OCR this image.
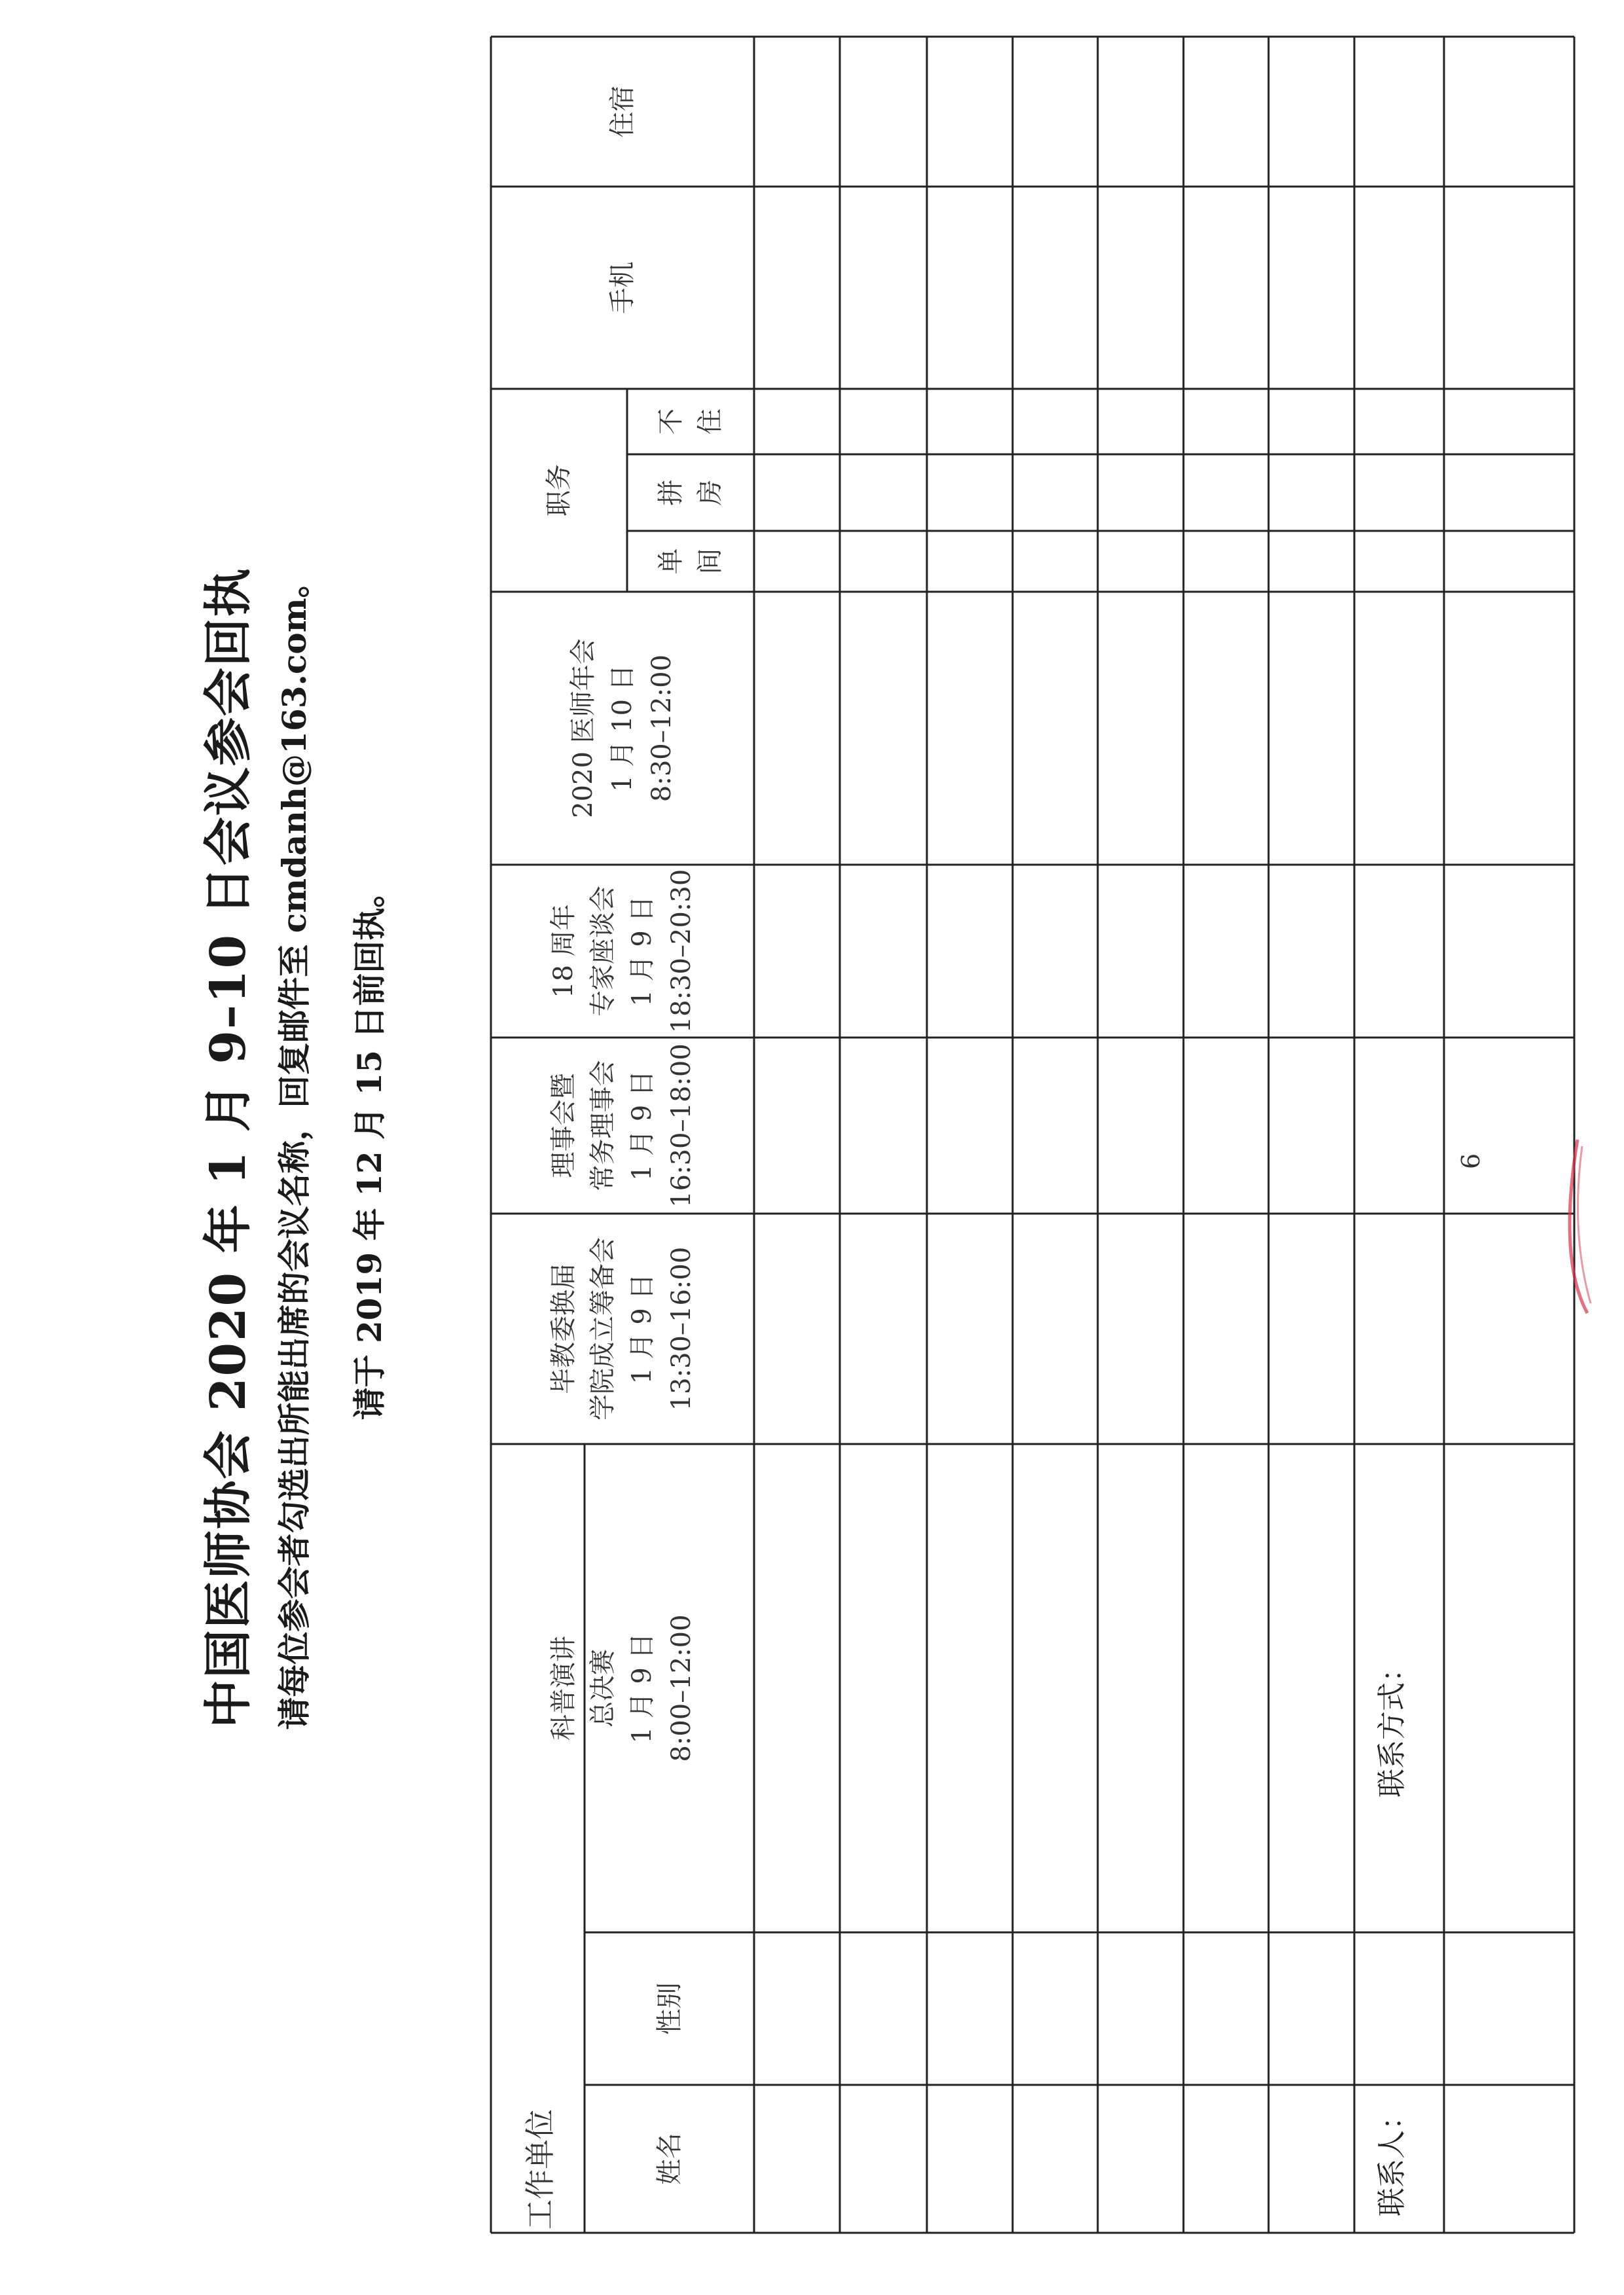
中国医师协会 2020 年 1 月 9–10 日会议参会回执 请每位参会者勾选出所能出席的会议名称，回复邮件至 cmdanh@163.com。 请于 2019 年 12 月 15 日前回执。
工作单位	姓名
性别
科普演讲 总决赛 1 月 9 日 8:00–12:00
毕教委换届 学院成立筹备会 1 月 9 日 13:30–16:00
理事会暨 常务理事会 1 月 9 日 16:30–18:00
18 周年 专家座谈会 1 月 9 日 18:30–20:30
2020 医师年会 1 月 10 日 8:30–12:00
职务
单 间
拼 房
不 住
手机
住宿
联系人：
联系方式：
6
